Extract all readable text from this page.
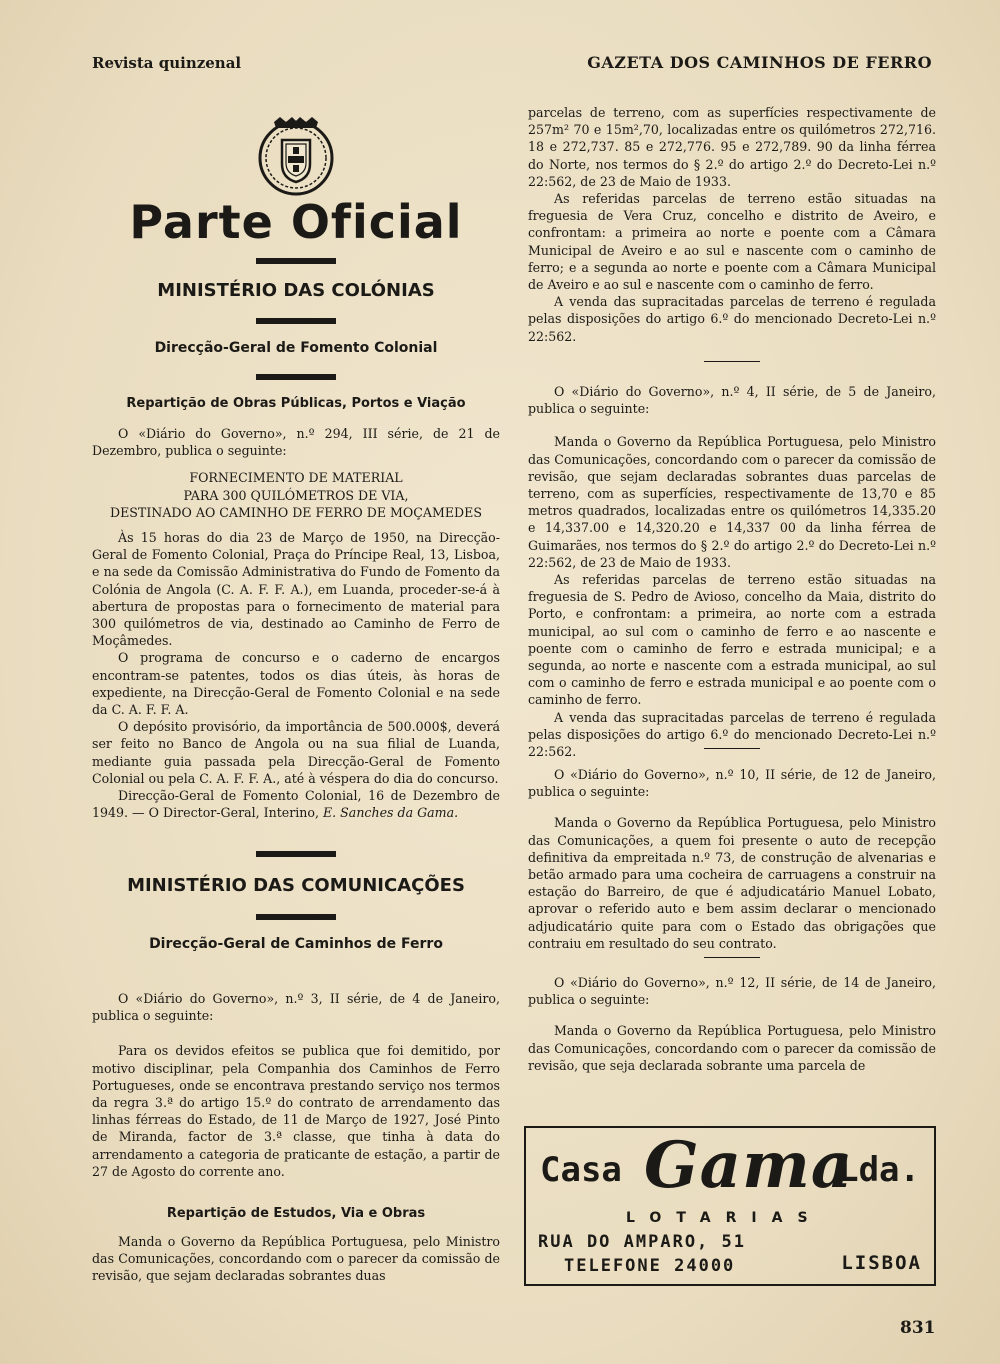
Revista quinzenal	GAZETA DOS CAMINHOS DE FERRO
Parte Oficial
MINISTÉRIO DAS COLÓNIAS
Direcção-Geral de Fomento Colonial
Repartição de Obras Públicas, Portos e Viação

O «Diário do Governo», n.º 294, III série, de 21 de Dezembro, publica o seguinte:

FORNECIMENTO DE MATERIAL

PARA 300 QUILÓMETROS DE VIA,

DESTINADO AO CAMINHO DE FERRO DE MOÇAMEDES

Às 15 horas do dia 23 de Março de 1950, na Direcção-Geral de Fomento Colonial, Praça do Príncipe Real, 13, Lisboa, e na sede da Comissão Administrativa do Fundo de Fomento da Colónia de Angola (C. A. F. F. A.), em Luanda, proceder-se-á à abertura de propostas para o fornecimento de material para 300 quilómetros de via, destinado ao Caminho de Ferro de Moçâmedes.

O programa de concurso e o caderno de encargos encontram-se patentes, todos os dias úteis, às horas de expediente, na Direcção-Geral de Fomento Colonial e na sede da C. A. F. F. A.

O depósito provisório, da importância de 500.000$, deverá ser feito no Banco de Angola ou na sua filial de Luanda, mediante guia passada pela Direcção-Geral de Fomento Colonial ou pela C. A. F. F. A., até à véspera do dia do concurso.

Direcção-Geral de Fomento Colonial, 16 de Dezembro de 1949. — O Director-Geral, Interino, E. Sanches da Gama.

MINISTÉRIO DAS COMUNICAÇÕES
Direcção-Geral de Caminhos de Ferro

O «Diário do Governo», n.º 3, II série, de 4 de Janeiro, publica o seguinte:

Para os devidos efeitos se publica que foi demitido, por motivo disciplinar, pela Companhia dos Caminhos de Ferro Portugueses, onde se encontrava prestando serviço nos termos da regra 3.ª do artigo 15.º do contrato de arrendamento das linhas férreas do Estado, de 11 de Março de 1927, José Pinto de Miranda, factor de 3.ª classe, que tinha à data do arrendamento a categoria de praticante de estação, a partir de 27 de Agosto do corrente ano.

Repartição de Estudos, Via e Obras

Manda o Governo da República Portuguesa, pelo Ministro das Comunicações, concordando com o parecer da comissão de revisão, que sejam declaradas sobrantes duas

parcelas de terreno, com as superfícies respectivamente de 257m² 70 e 15m²,70, localizadas entre os quilómetros 272,716. 18 e 272,737. 85 e 272,776. 95 e 272,789. 90 da linha férrea do Norte, nos termos do § 2.º do artigo 2.º do Decreto-Lei n.º 22:562, de 23 de Maio de 1933.

As referidas parcelas de terreno estão situadas na freguesia de Vera Cruz, concelho e distrito de Aveiro, e confrontam: a primeira ao norte e poente com a Câmara Municipal de Aveiro e ao sul e nascente com o caminho de ferro; e a segunda ao norte e poente com a Câmara Municipal de Aveiro e ao sul e nascente com o caminho de ferro.

A venda das supracitadas parcelas de terreno é regulada pelas disposições do artigo 6.º do mencionado Decreto-Lei n.º 22:562.

O «Diário do Governo», n.º 4, II série, de 5 de Janeiro, publica o seguinte:

Manda o Governo da República Portuguesa, pelo Ministro das Comunicações, concordando com o parecer da comissão de revisão, que sejam declaradas sobrantes duas parcelas de terreno, com as superfícies, respectivamente de 13,70 e 85 metros quadrados, localizadas entre os quilómetros 14,335.20 e 14,337.00 e 14,320.20 e 14,337 00 da linha férrea de Guimarães, nos termos do § 2.º do artigo 2.º do Decreto-Lei n.º 22:562, de 23 de Maio de 1933.

As referidas parcelas de terreno estão situadas na freguesia de S. Pedro de Avioso, concelho da Maia, distrito do Porto, e confrontam: a primeira, ao norte com a estrada municipal, ao sul com o caminho de ferro e ao nascente e poente com o caminho de ferro e estrada municipal; e a segunda, ao norte e nascente com a estrada municipal, ao sul com o caminho de ferro e estrada municipal e ao poente com o caminho de ferro.

A venda das supracitadas parcelas de terreno é regulada pelas disposições do artigo 6.º do mencionado Decreto-Lei n.º 22:562.

O «Diário do Governo», n.º 10, II série, de 12 de Janeiro, publica o seguinte:

Manda o Governo da República Portuguesa, pelo Ministro das Comunicações, a quem foi presente o auto de recepção definitiva da empreitada n.º 73, de construção de alvenarias e betão armado para uma cocheira de carruagens a construir na estação do Barreiro, de que é adjudicatário Manuel Lobato, aprovar o referido auto e bem assim declarar o mencionado adjudicatário quite para com o Estado das obrigações que contraiu em resultado do seu contrato.

O «Diário do Governo», n.º 12, II série, de 14 de Janeiro, publica o seguinte:

Manda o Governo da República Portuguesa, pelo Ministro das Comunicações, concordando com o parecer da comissão de revisão, que seja declarada sobrante uma parcela de

Casa Gama
Lda.
LOTARIAS
RUA DO AMPARO, 51
TELEFONE 24000	LISBOA
831
